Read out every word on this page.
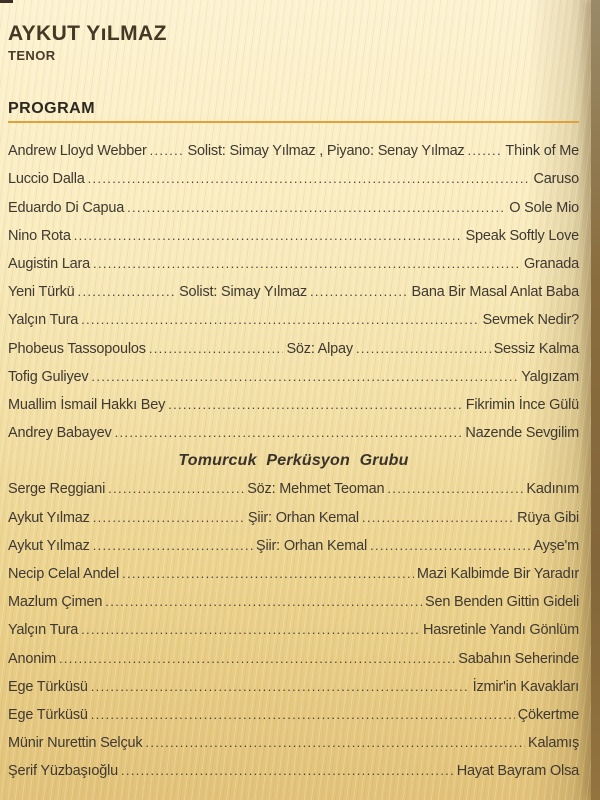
AYKUT YıLMAZ
TENOR
PROGRAM
Andrew Lloyd Webber .....	Solist: Simay Yılmaz , Piyano: Senay Yılmaz .....	Think of Me
Luccio Dalla .....	Caruso
Eduardo Di Capua .....	O Sole Mio
Nino Rota .....	Speak Softly Love
Augistin Lara .....	Granada
Yeni Türkü .....	Solist: Simay Yılmaz .....	Bana Bir Masal Anlat Baba
Yalçın Tura .....	Sevmek Nedir?
Phobeus Tassopoulos .....	Söz: Alpay .....	Sessiz Kalma
Tofig Guliyev .....	Yalgızam
Muallim İsmail Hakkı Bey .....	Fikrimin İnce Gülü
Andrey Babayev .....	Nazende Sevgilim
Tomurcuk Perküsyon Grubu
Serge Reggiani .....	Söz: Mehmet Teoman .....	Kadınım
Aykut Yılmaz .....	Şiir: Orhan Kemal .....	Rüya Gibi
Aykut Yılmaz .....	Şiir: Orhan Kemal .....	Ayşe'm
Necip Celal Andel .....	Mazi Kalbimde Bir Yaradır
Mazlum Çimen .....	Sen Benden Gittin Gideli
Yalçın Tura .....	Hasretinle Yandı Gönlüm
Anonim .....	Sabahın Seherinde
Ege Türküsü .....	İzmir'in Kavakları
Ege Türküsü .....	Çökertme
Münir Nurettin Selçuk .....	Kalamış
Şerif Yüzbaşıoğlu .....	Hayat Bayram Olsa
